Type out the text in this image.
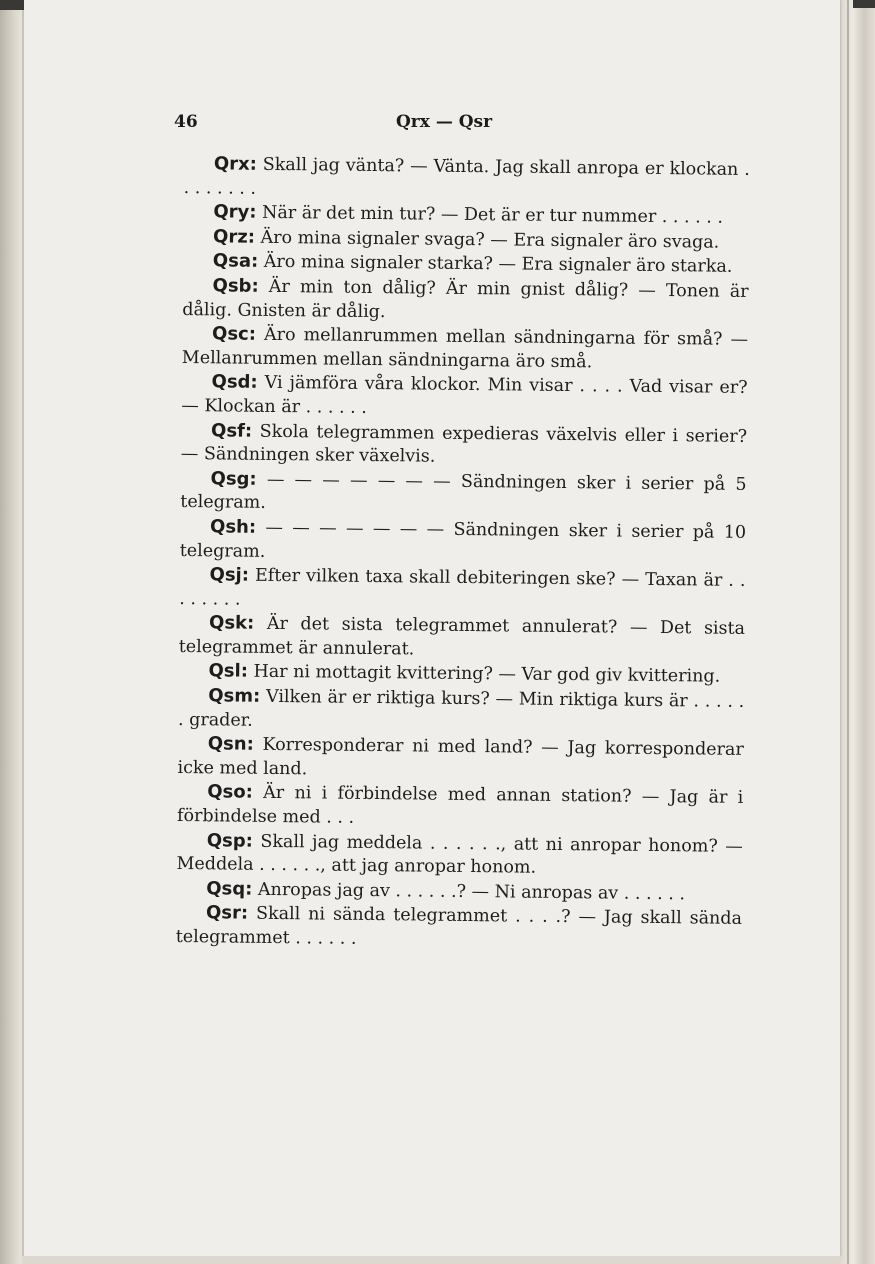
46	Qrx — Qsr

Qrx: Skall jag vänta? — Vänta. Jag skall anropa er klockan . . . . . . . .

Qry: När är det min tur? — Det är er tur nummer . . . . . .

Qrz: Äro mina signaler svaga? — Era signaler äro svaga.

Qsa: Äro mina signaler starka? — Era signaler äro starka.

Qsb: Är min ton dålig? Är min gnist dålig? — Tonen är dålig. Gnisten är dålig.

Qsc: Äro mellanrummen mellan sändningarna för små? — Mellanrummen mellan sändningarna äro små.

Qsd: Vi jämföra våra klockor. Min visar . . . . Vad visar er? — Klockan är . . . . . .

Qsf: Skola telegrammen expedieras växelvis eller i serier? — Sändningen sker växelvis.

Qsg: — — — — — — — Sändningen sker i serier på 5 telegram.

Qsh: — — — — — — — Sändningen sker i serier på 10 telegram.

Qsj: Efter vilken taxa skall debiteringen ske? — Taxan är . . . . . . . .

Qsk: Är det sista telegrammet annulerat? — Det sista telegrammet är annulerat.

Qsl: Har ni mottagit kvittering? — Var god giv kvittering.

Qsm: Vilken är er riktiga kurs? — Min riktiga kurs är . . . . . . grader.

Qsn: Korresponderar ni med land? — Jag korresponderar icke med land.

Qso: Är ni i förbindelse med annan station? — Jag är i förbindelse med . . .

Qsp: Skall jag meddela . . . . . ., att ni anropar honom? — Meddela . . . . . ., att jag anropar honom.

Qsq: Anropas jag av . . . . . .? — Ni anropas av . . . . . .

Qsr: Skall ni sända telegrammet . . . .? — Jag skall sända telegrammet . . . . . .
